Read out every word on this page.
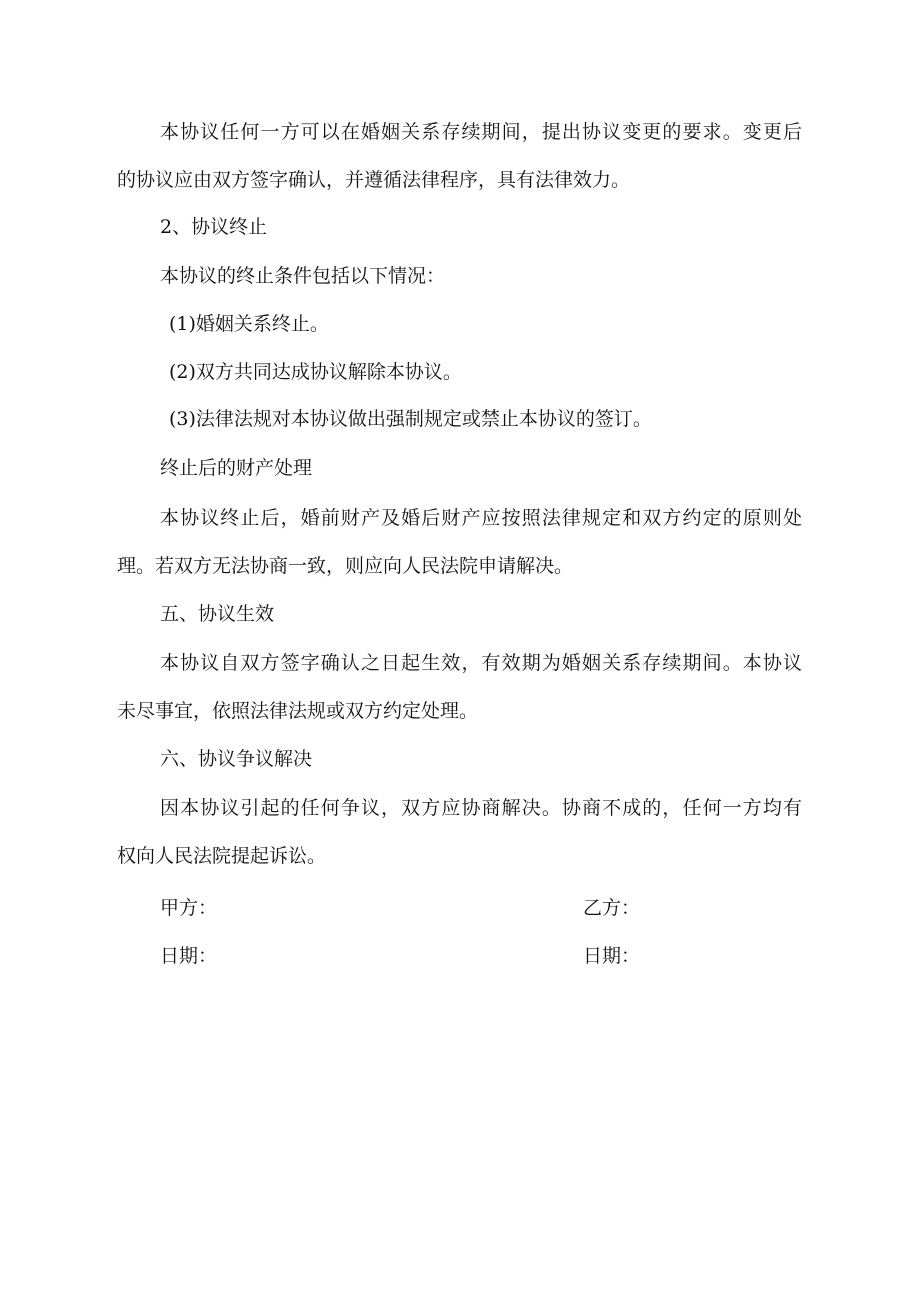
本协议任何一方可以在婚姻关系存续期间，提出协议变更的要求。变更后
的协议应由双方签字确认，并遵循法律程序，具有法律效力。
2、协议终止
本协议的终止条件包括以下情况：
(1)婚姻关系终止。
(2)双方共同达成协议解除本协议。
(3)法律法规对本协议做出强制规定或禁止本协议的签订。
终止后的财产处理
本协议终止后，婚前财产及婚后财产应按照法律规定和双方约定的原则处
理。若双方无法协商一致，则应向人民法院申请解决。
五、协议生效
本协议自双方签字确认之日起生效，有效期为婚姻关系存续期间。本协议
未尽事宜，依照法律法规或双方约定处理。
六、协议争议解决
因本协议引起的任何争议，双方应协商解决。协商不成的，任何一方均有
权向人民法院提起诉讼。
甲方：	乙方：
日期：	日期：
